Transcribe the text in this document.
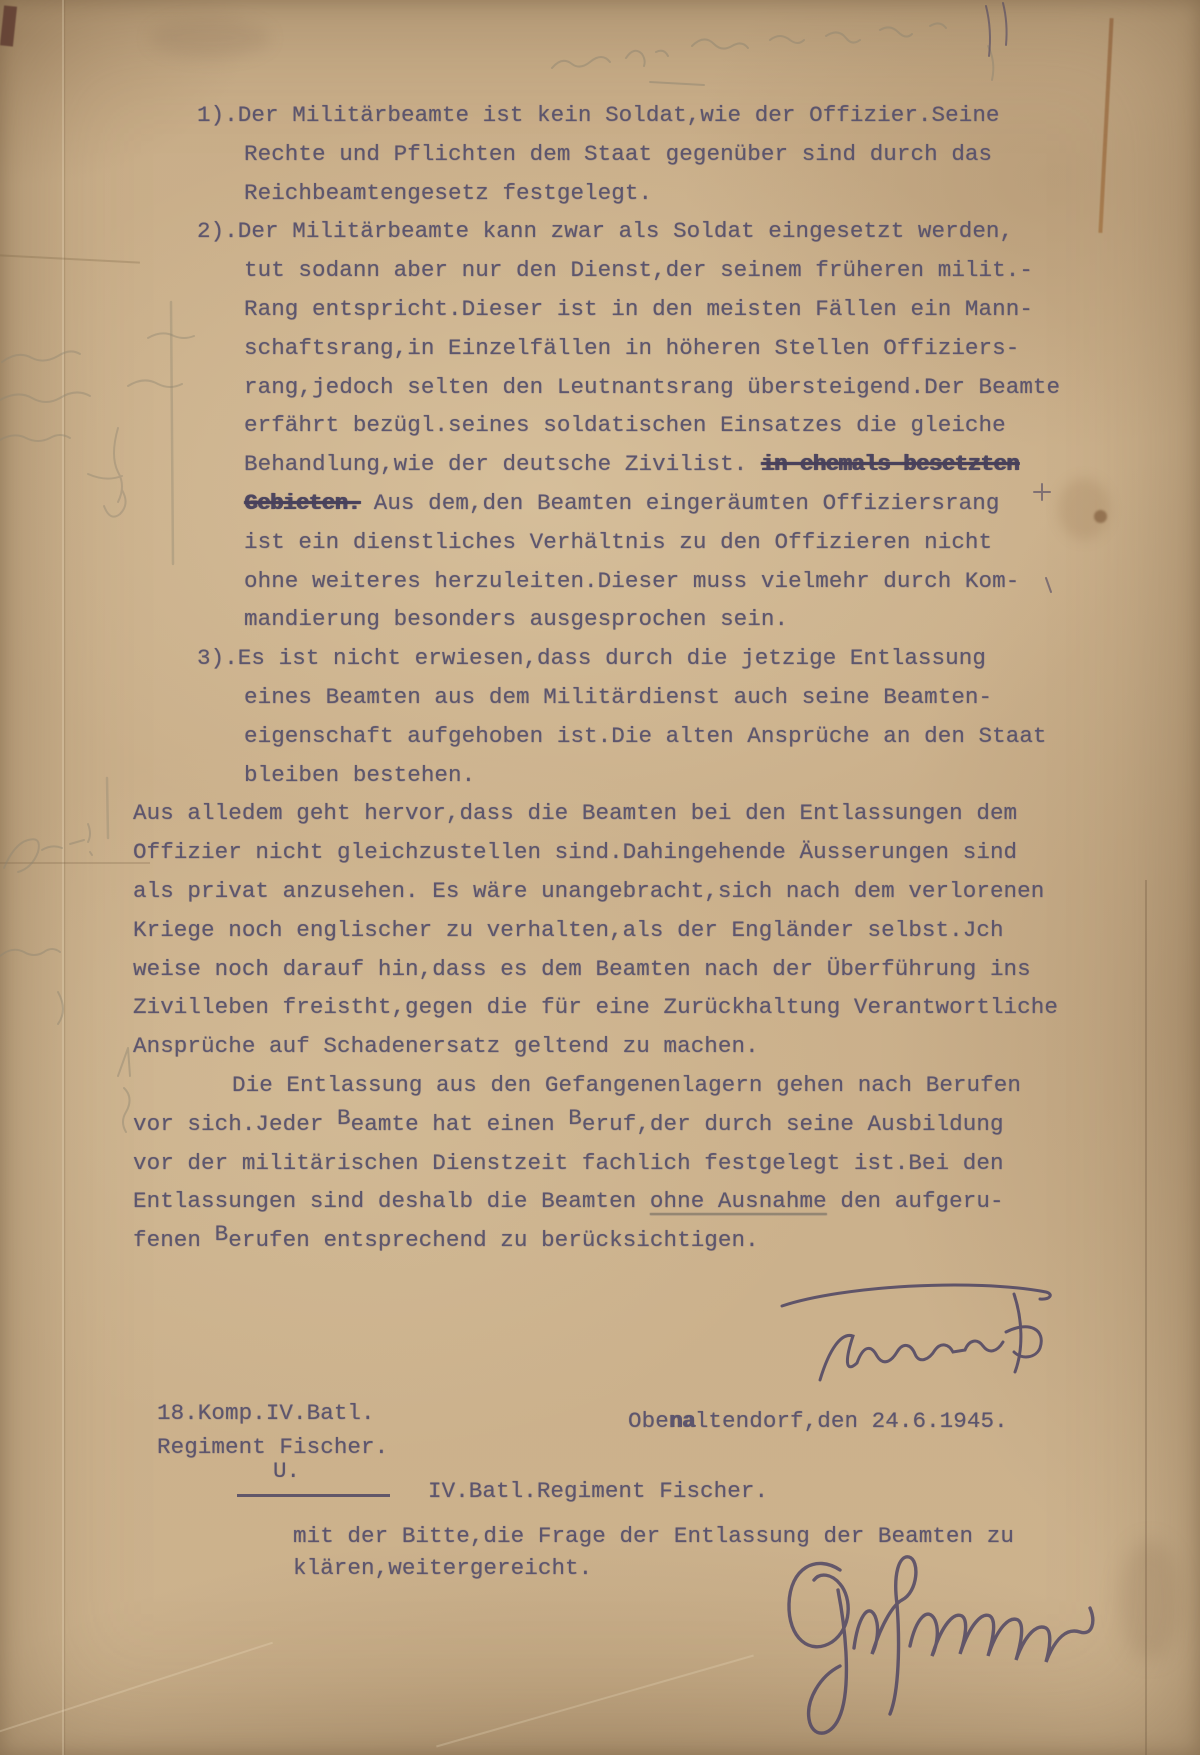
1).Der Militärbeamte ist kein Soldat,wie der Offizier.Seine
Rechte und Pflichten dem Staat gegenüber sind durch das
Reichbeamtengesetz festgelegt.
2).Der Militärbeamte kann zwar als Soldat eingesetzt werden,
tut sodann aber nur den Dienst,der seinem früheren milit.-
Rang entspricht.Dieser ist in den meisten Fällen ein Mann-
schaftsrang,in Einzelfällen in höheren Stellen Offiziers-
rang,jedoch selten den Leutnantsrang übersteigend.Der Beamte
erfährt bezügl.seines soldatischen Einsatzes die gleiche
Behandlung,wie der deutsche Zivilist. in ehemals besetzten
Gebieten. Aus dem,den Beamten eingeräumten Offiziersrang
ist ein dienstliches Verhältnis zu den Offizieren nicht
ohne weiteres herzuleiten.Dieser muss vielmehr durch Kom-
mandierung besonders ausgesprochen sein.
3).Es ist nicht erwiesen,dass durch die jetzige Entlassung
eines Beamten aus dem Militärdienst auch seine Beamten-
eigenschaft aufgehoben ist.Die alten Ansprüche an den Staat
bleiben bestehen.
Aus alledem geht hervor,dass die Beamten bei den Entlassungen dem
Offizier nicht gleichzustellen sind.Dahingehende Äusserungen sind
als privat anzusehen. Es wäre unangebracht,sich nach dem verlorenen
Kriege noch englischer zu verhalten,als der Engländer selbst.Jch
weise noch darauf hin,dass es dem Beamten nach der Überführung ins
Zivilleben freistht,gegen die für eine Zurückhaltung Verantwortliche
Ansprüche auf Schadenersatz geltend zu machen.
Die Entlassung aus den Gefangenenlagern gehen nach Berufen
vor sich.Jeder Beamte hat einen Beruf,der durch seine Ausbildung
vor der militärischen Dienstzeit fachlich festgelegt ist.Bei den
Entlassungen sind deshalb die Beamten ohne Ausnahme den aufgeru-
fenen Berufen entsprechend zu berücksichtigen.
18.Komp.IV.Batl.
Regiment Fischer.
Obenaltendorf,den 24.6.1945.
U.
IV.Batl.Regiment Fischer.
mit der Bitte,die Frage der Entlassung der Beamten zu
klären,weitergereicht.
